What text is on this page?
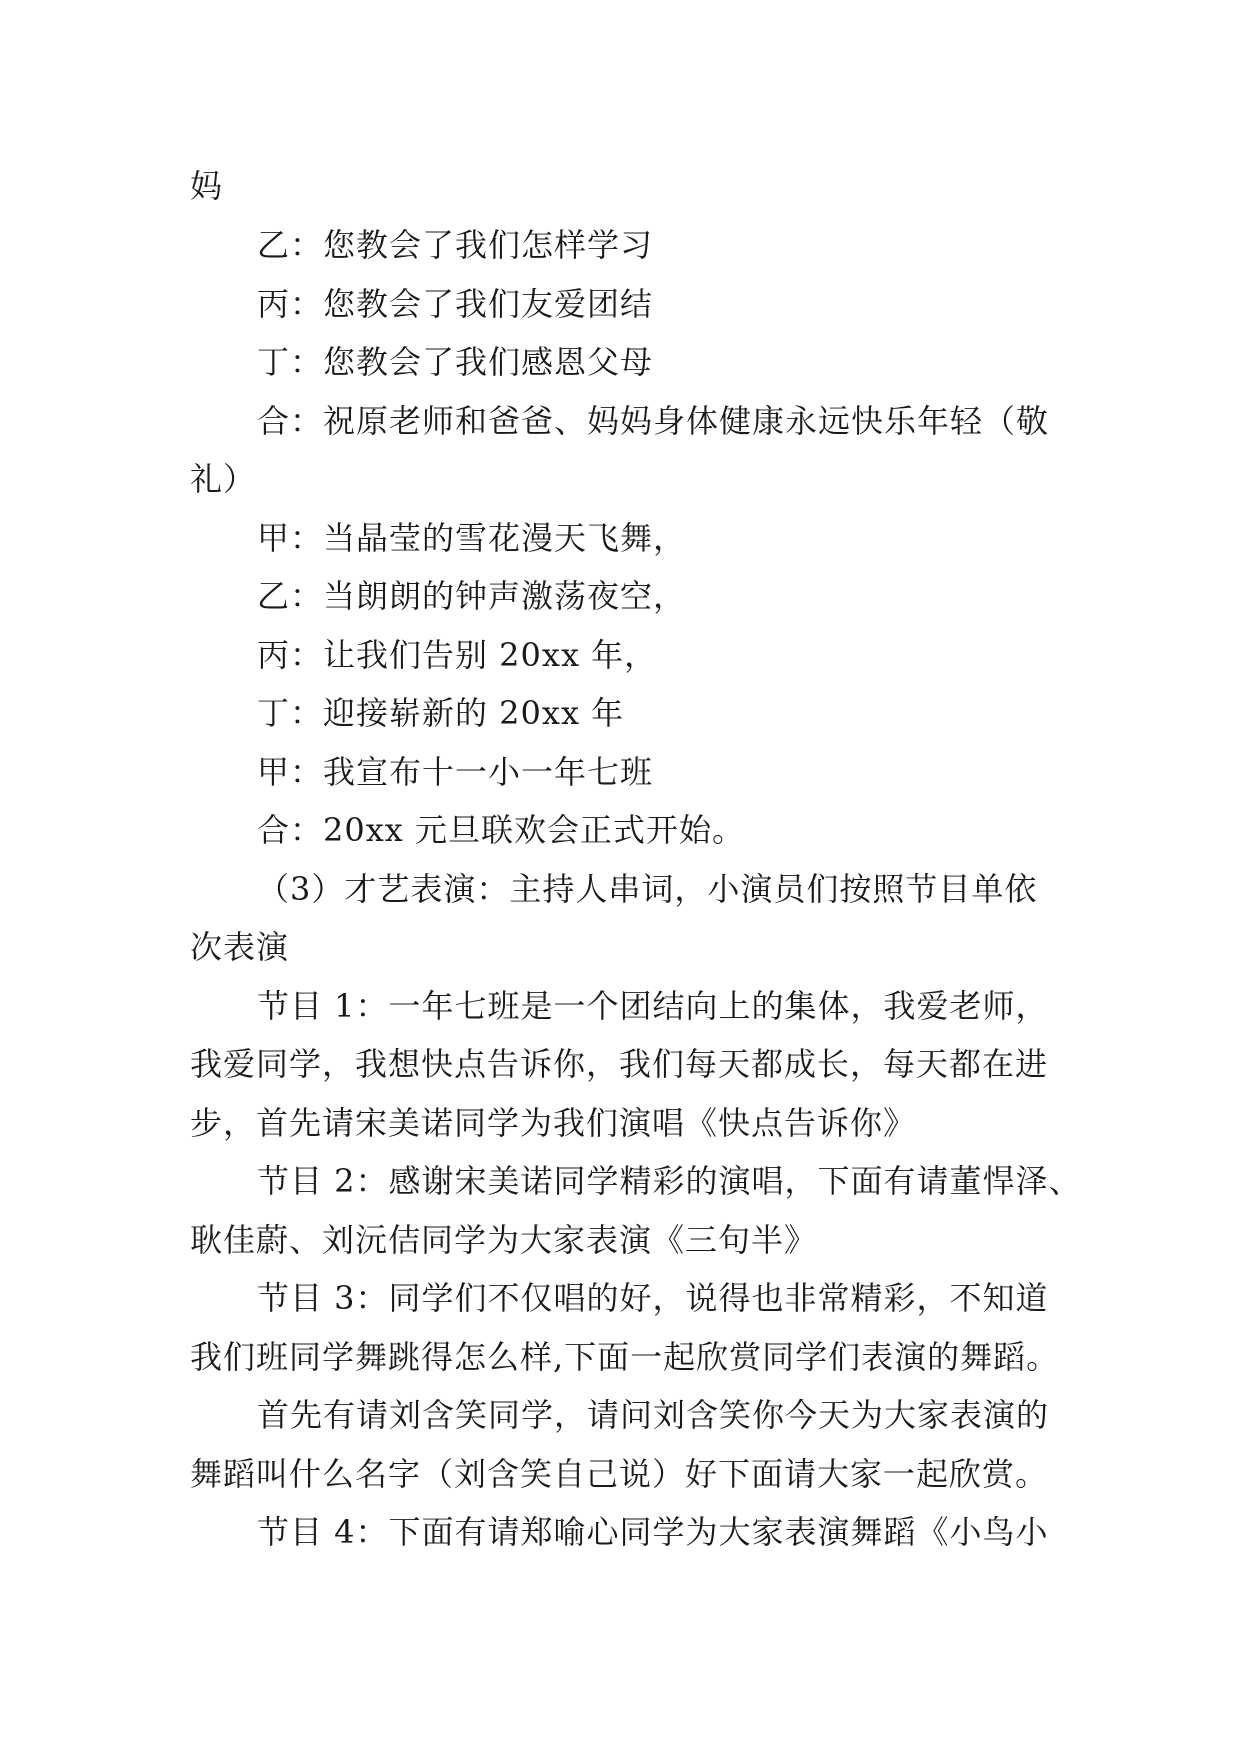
妈
乙：您教会了我们怎样学习
丙：您教会了我们友爱团结
丁：您教会了我们感恩父母
合：祝原老师和爸爸、妈妈身体健康永远快乐年轻（敬
礼）
甲：当晶莹的雪花漫天飞舞，
乙：当朗朗的钟声激荡夜空，
丙：让我们告别 20xx 年，
丁：迎接崭新的 20xx 年
甲：我宣布十一小一年七班
合：20xx 元旦联欢会正式开始。
（3）才艺表演：主持人串词，小演员们按照节目单依
次表演
节目 1：一年七班是一个团结向上的集体，我爱老师，
我爱同学，我想快点告诉你，我们每天都成长，每天都在进
步，首先请宋美诺同学为我们演唱《快点告诉你》
节目 2：感谢宋美诺同学精彩的演唱，下面有请董悍泽、
耿佳蔚、刘沅佶同学为大家表演《三句半》
节目 3：同学们不仅唱的好，说得也非常精彩，不知道
我们班同学舞跳得怎么样,下面一起欣赏同学们表演的舞蹈。
首先有请刘含笑同学，请问刘含笑你今天为大家表演的
舞蹈叫什么名字（刘含笑自己说）好下面请大家一起欣赏。
节目 4：下面有请郑喻心同学为大家表演舞蹈《小鸟小
